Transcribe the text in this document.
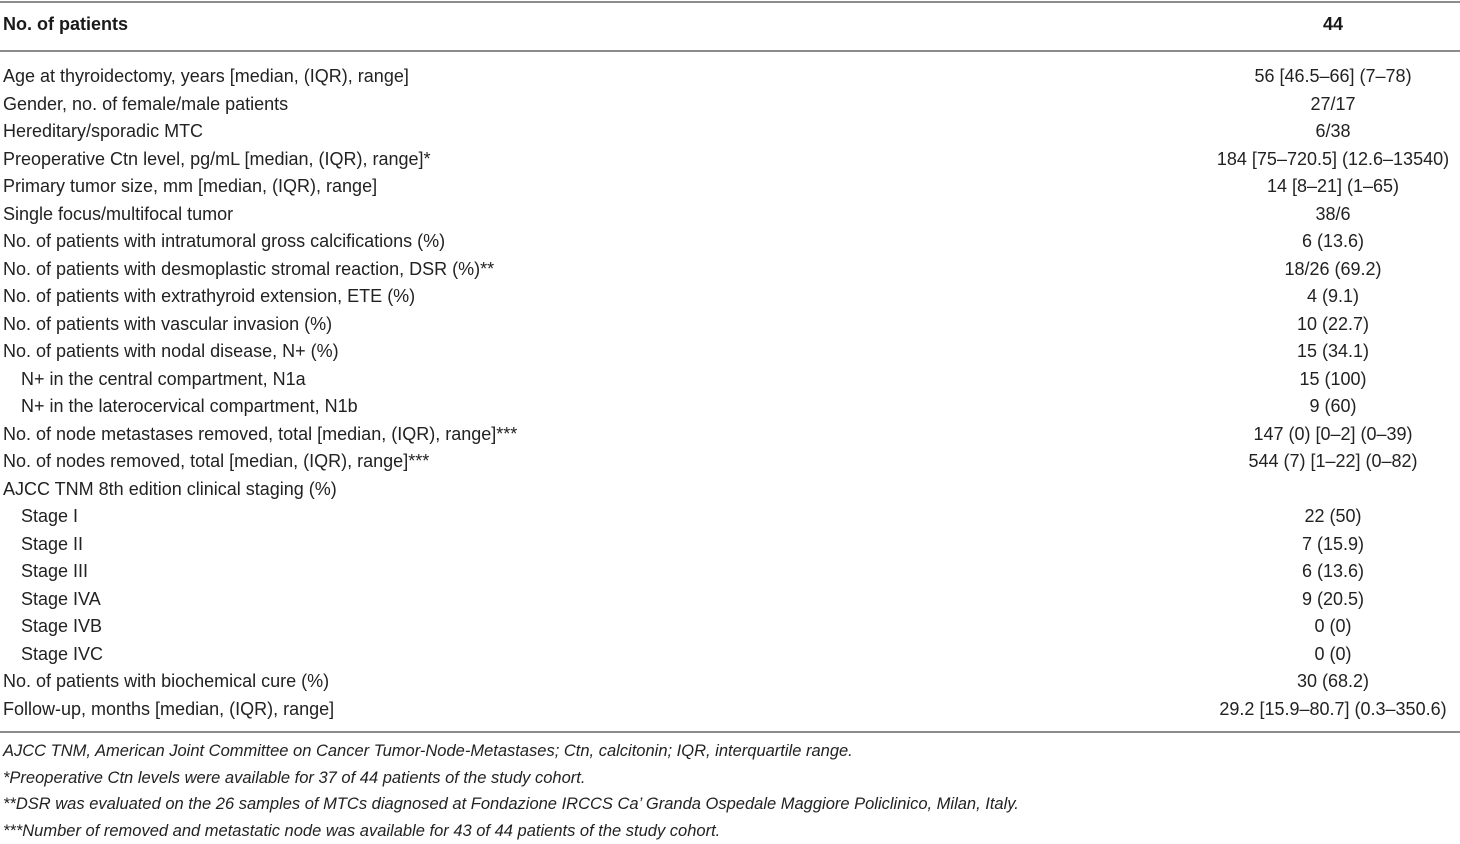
No. of patients	44
Age at thyroidectomy, years [median, (IQR), range]	56 [46.5–66] (7–78)
Gender, no. of female/male patients	27/17
Hereditary/sporadic MTC	6/38
Preoperative Ctn level, pg/mL [median, (IQR), range]*	184 [75–720.5] (12.6–13540)
Primary tumor size, mm [median, (IQR), range]	14 [8–21] (1–65)
Single focus/multifocal tumor	38/6
No. of patients with intratumoral gross calcifications (%)	6 (13.6)
No. of patients with desmoplastic stromal reaction, DSR (%)**	18/26 (69.2)
No. of patients with extrathyroid extension, ETE (%)	4 (9.1)
No. of patients with vascular invasion (%)	10 (22.7)
No. of patients with nodal disease, N+ (%)	15 (34.1)
N+ in the central compartment, N1a	15 (100)
N+ in the laterocervical compartment, N1b	9 (60)
No. of node metastases removed, total [median, (IQR), range]***	147 (0) [0–2] (0–39)
No. of nodes removed, total [median, (IQR), range]***	544 (7) [1–22] (0–82)
AJCC TNM 8th edition clinical staging (%)
Stage I	22 (50)
Stage II	7 (15.9)
Stage III	6 (13.6)
Stage IVA	9 (20.5)
Stage IVB	0 (0)
Stage IVC	0 (0)
No. of patients with biochemical cure (%)	30 (68.2)
Follow-up, months [median, (IQR), range]	29.2 [15.9–80.7] (0.3–350.6)
AJCC TNM, American Joint Committee on Cancer Tumor-Node-Metastases; Ctn, calcitonin; IQR, interquartile range.
*Preoperative Ctn levels were available for 37 of 44 patients of the study cohort.
**DSR was evaluated on the 26 samples of MTCs diagnosed at Fondazione IRCCS Ca’ Granda Ospedale Maggiore Policlinico, Milan, Italy.
***Number of removed and metastatic node was available for 43 of 44 patients of the study cohort.
